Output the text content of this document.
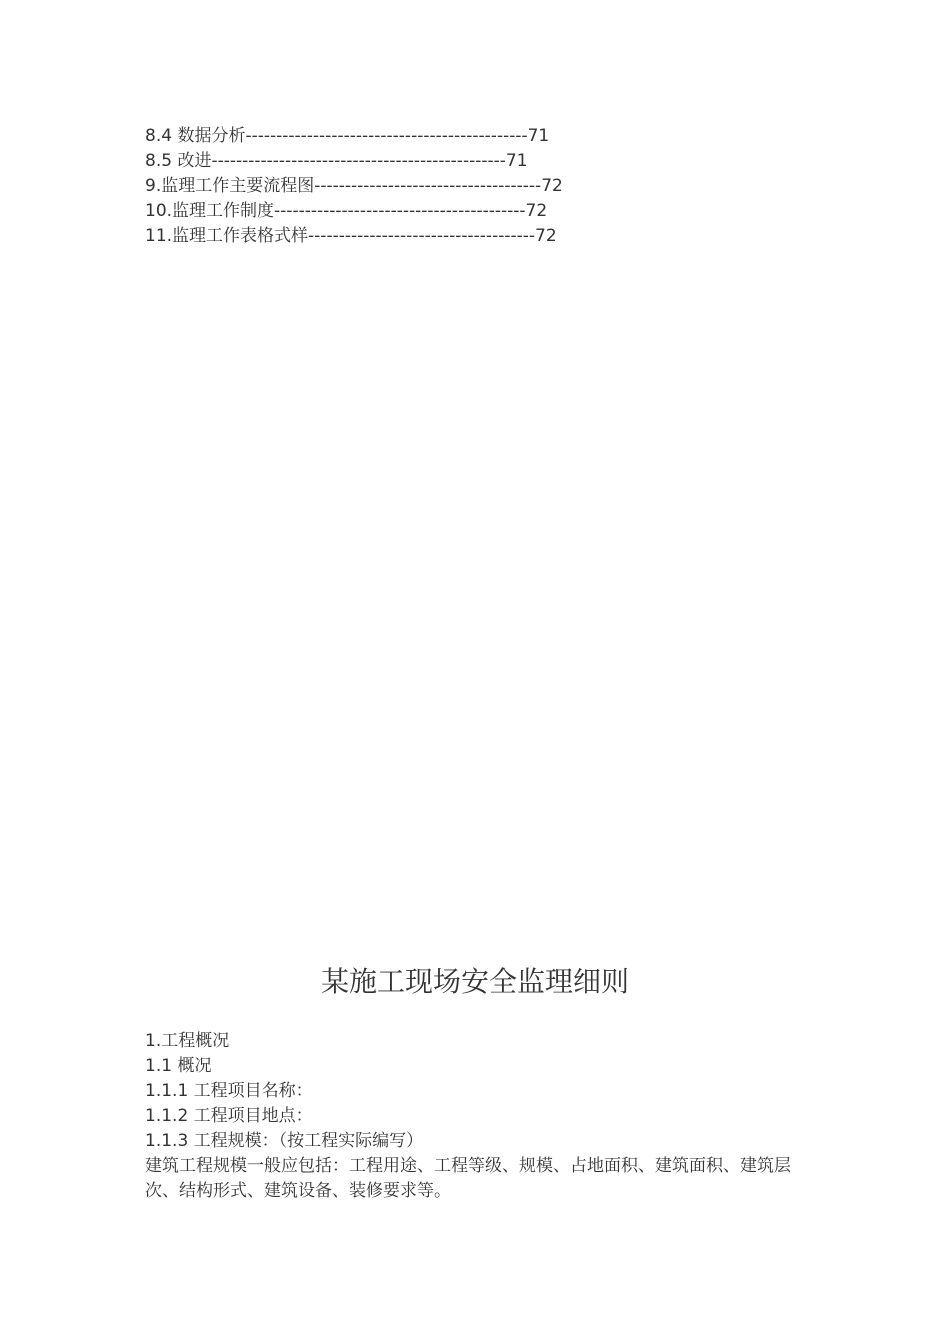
8.4 数据分析----------------------------------------------71
8.5 改进------------------------------------------------71
9.监理工作主要流程图-------------------------------------72
10.监理工作制度-----------------------------------------72
11.监理工作表格式样-------------------------------------72
某施工现场安全监理细则
1.工程概况
1.1 概况
1.1.1 工程项目名称：
1.1.2 工程项目地点：
1.1.3 工程规模：（按工程实际编写）
建筑工程规模一般应包括：工程用途、工程等级、规模、占地面积、建筑面积、建筑层次、结构形式、建筑设备、装修要求等。
